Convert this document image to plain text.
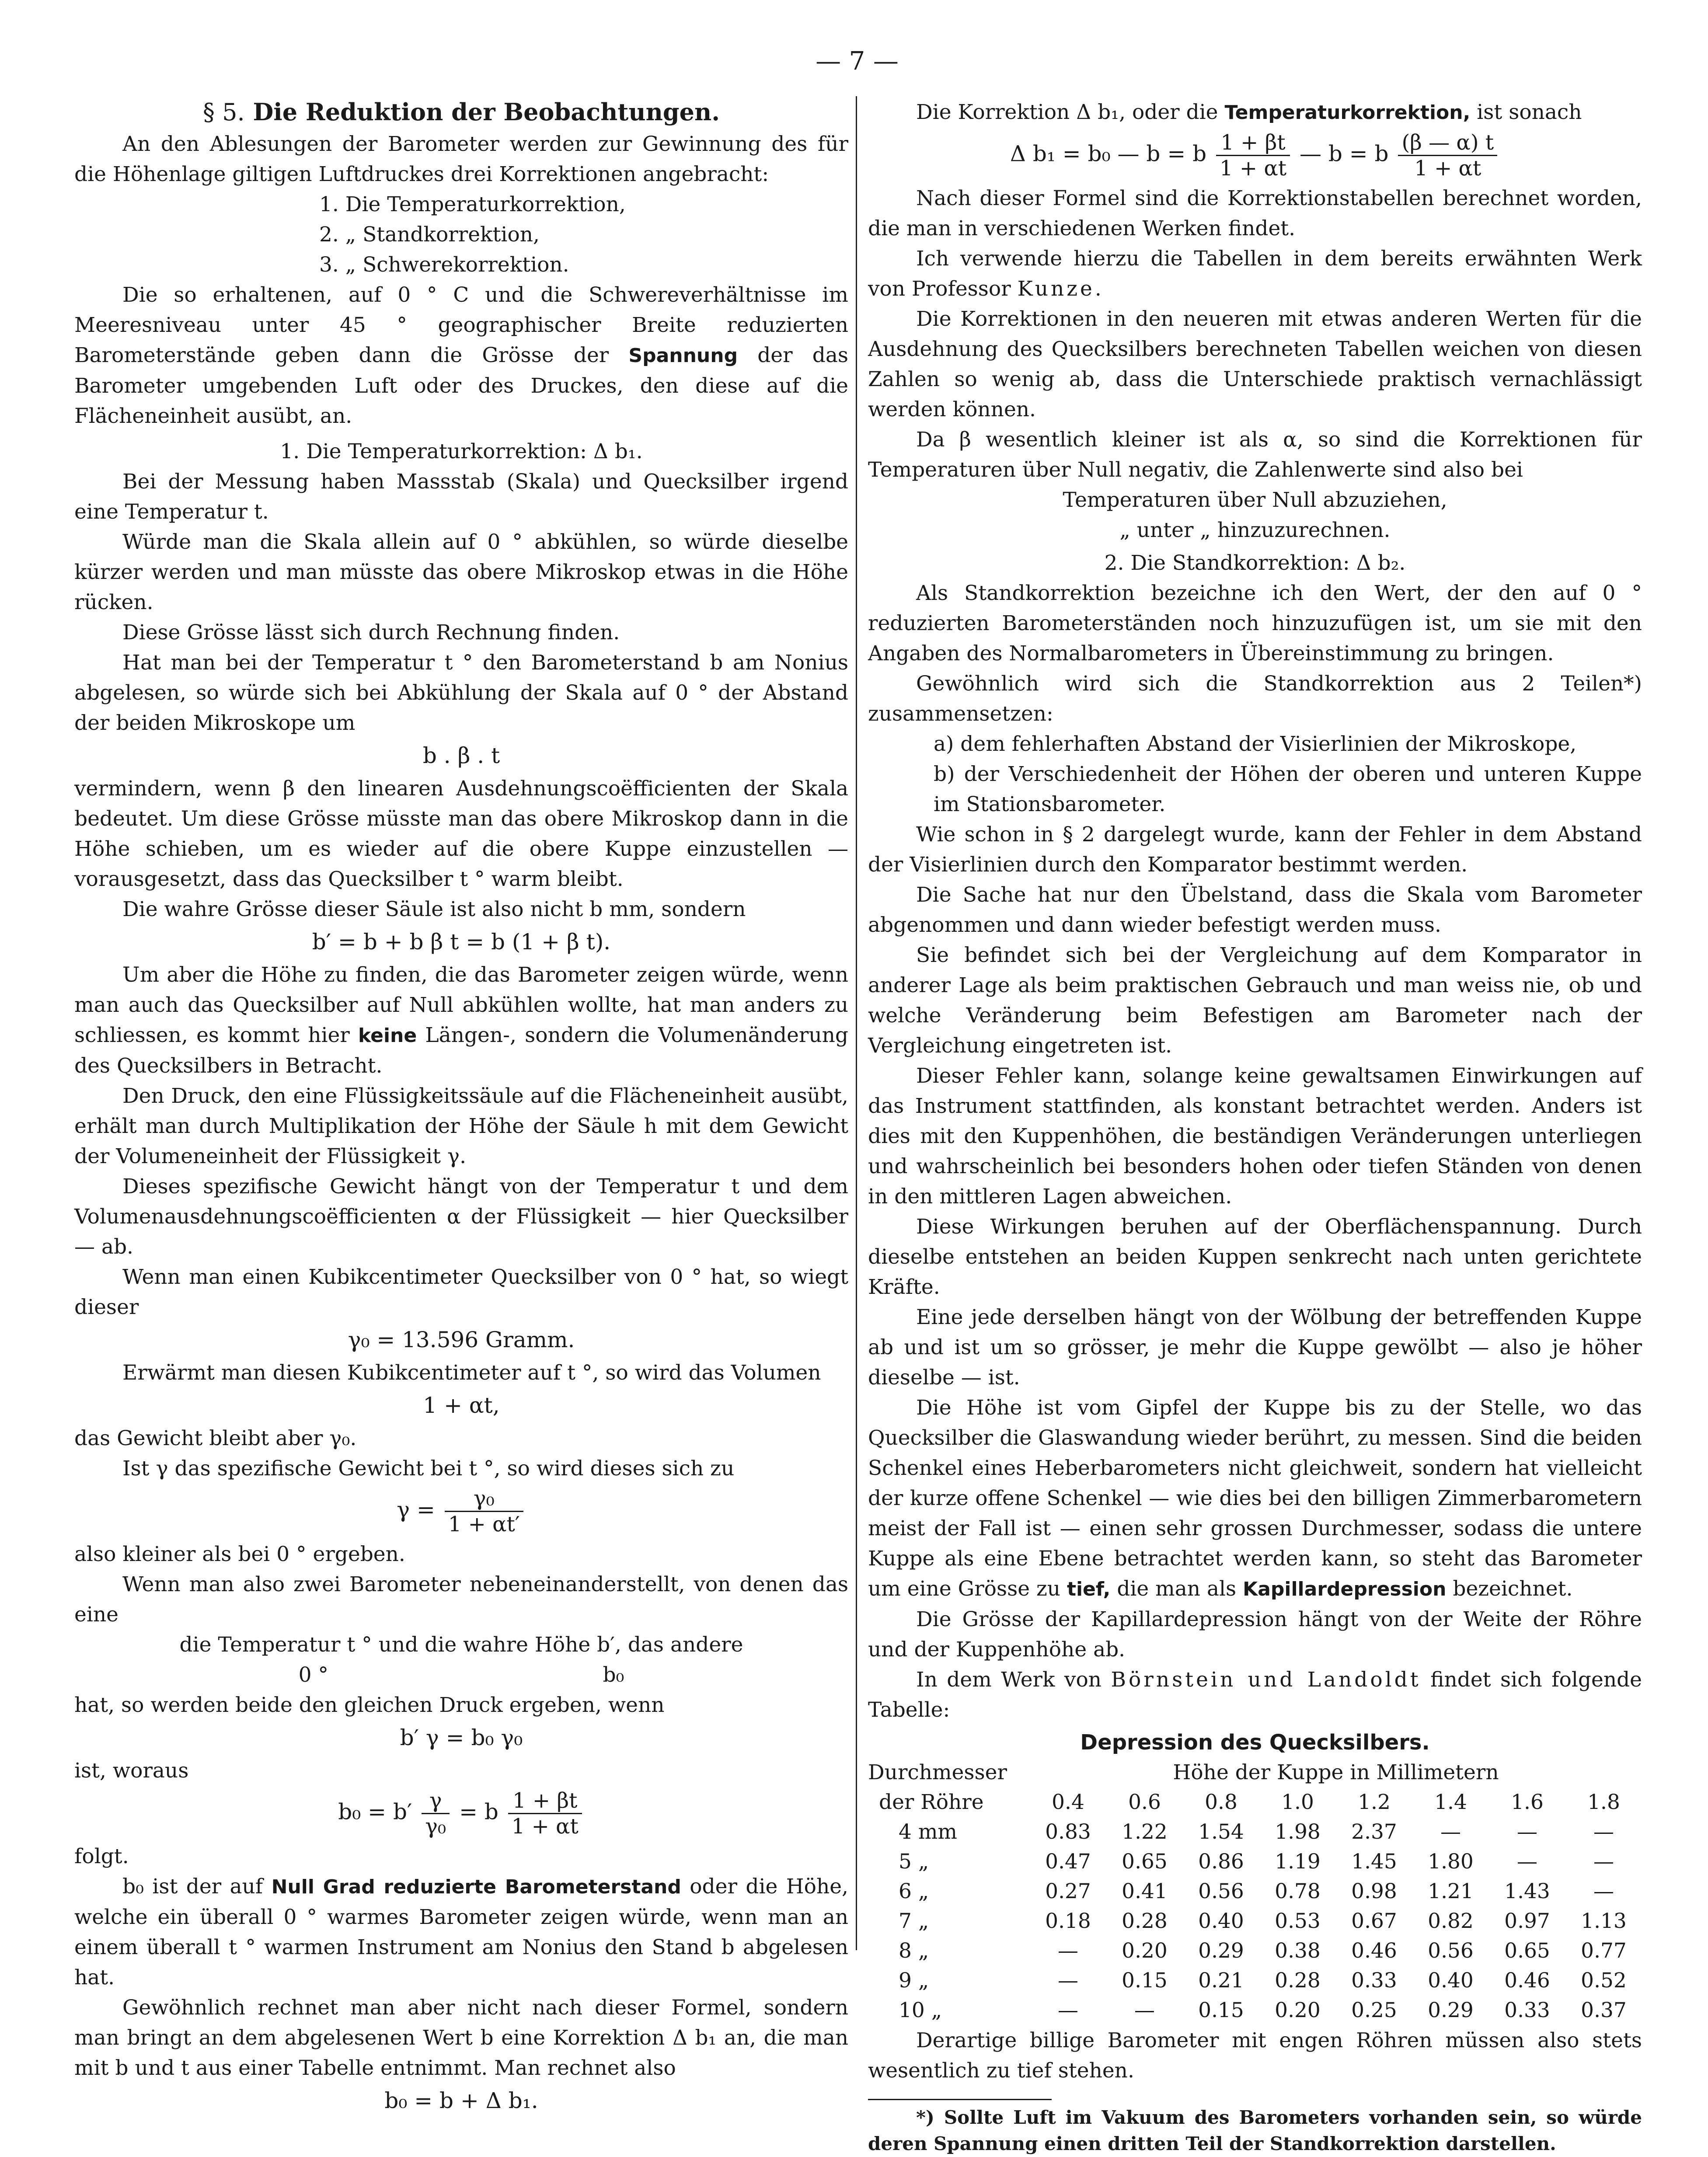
— 7 —
§ 5. Die Reduktion der Beobachtungen.

An den Ablesungen der Barometer werden zur Gewinnung des für die Höhenlage giltigen Luftdruckes drei Korrektionen angebracht:

1. Die Temperaturkorrektion,
2. „ Standkorrektion,
3. „ Schwerekorrektion.

Die so erhaltenen, auf 0 ° C und die Schwereverhältnisse im Meeresniveau unter 45 ° geographischer Breite reduzierten Barometerstände geben dann die Grösse der Spannung der das Barometer umgebenden Luft oder des Druckes, den diese auf die Flächeneinheit ausübt, an.

1. Die Temperaturkorrektion: Δ b₁.

Bei der Messung haben Massstab (Skala) und Quecksilber irgend eine Temperatur t.

Würde man die Skala allein auf 0 ° abkühlen, so würde dieselbe kürzer werden und man müsste das obere Mikroskop etwas in die Höhe rücken.

Diese Grösse lässt sich durch Rechnung finden.

Hat man bei der Temperatur t ° den Barometerstand b am Nonius abgelesen, so würde sich bei Abkühlung der Skala auf 0 ° der Abstand der beiden Mikroskope um

b . β . t

vermindern, wenn β den linearen Ausdehnungscoëfficienten der Skala bedeutet. Um diese Grösse müsste man das obere Mikroskop dann in die Höhe schieben, um es wieder auf die obere Kuppe einzustellen — vorausgesetzt, dass das Quecksilber t ° warm bleibt.

Die wahre Grösse dieser Säule ist also nicht b mm, sondern

b′ = b + b β t = b (1 + β t).

Um aber die Höhe zu finden, die das Barometer zeigen würde, wenn man auch das Quecksilber auf Null abkühlen wollte, hat man anders zu schliessen, es kommt hier keine Längen-, sondern die Volumenänderung des Quecksilbers in Betracht.

Den Druck, den eine Flüssigkeitssäule auf die Flächeneinheit ausübt, erhält man durch Multiplikation der Höhe der Säule h mit dem Gewicht der Volumeneinheit der Flüssigkeit γ.

Dieses spezifische Gewicht hängt von der Temperatur t und dem Volumenausdehnungscoëfficienten α der Flüssigkeit — hier Quecksilber — ab.

Wenn man einen Kubikcentimeter Quecksilber von 0 ° hat, so wiegt dieser

γ₀ = 13.596 Gramm.

Erwärmt man diesen Kubikcentimeter auf t °, so wird das Volumen

1 + αt,

das Gewicht bleibt aber γ₀.

Ist γ das spezifische Gewicht bei t °, so wird dieses sich zu

$\gamma = \frac{\text{γ₀}}{1 + \alpha t'}$

also kleiner als bei 0 ° ergeben.

Wenn man also zwei Barometer nebeneinanderstellt, von denen das eine

die Temperatur t ° und die wahre Höhe b′, das andere

0 °                                          b₀

hat, so werden beide den gleichen Druck ergeben, wenn

b′ γ = b₀ γ₀

ist, woraus

$b_0 = b' \frac{\gamma}{\text{γ₀}} = b \frac{1 + \beta t}{1 + \alpha t}$

folgt.

b₀ ist der auf Null Grad reduzierte Barometerstand oder die Höhe, welche ein überall 0 ° warmes Barometer zeigen würde, wenn man an einem überall t ° warmen Instrument am Nonius den Stand b abgelesen hat.

Gewöhnlich rechnet man aber nicht nach dieser Formel, sondern man bringt an dem abgelesenen Wert b eine Korrektion Δ b₁ an, die man mit b und t aus einer Tabelle entnimmt. Man rechnet also

b₀ = b + Δ b₁.

Die Korrektion Δ b₁, oder die Temperaturkorrektion, ist sonach

Δ b₁ = b₀ — b = b $\frac{1 + \beta t}{1 + \alpha t}$ — b = b $\frac{(\beta — \alpha) t}{1 + \alpha t}$

Nach dieser Formel sind die Korrektionstabellen berechnet worden, die man in verschiedenen Werken findet.

Ich verwende hierzu die Tabellen in dem bereits erwähnten Werk von Professor Kunze.

Die Korrektionen in den neueren mit etwas anderen Werten für die Ausdehnung des Quecksilbers berechneten Tabellen weichen von diesen Zahlen so wenig ab, dass die Unterschiede praktisch vernachlässigt werden können.

Da β wesentlich kleiner ist als α, so sind die Korrektionen für Temperaturen über Null negativ, die Zahlenwerte sind also bei

Temperaturen über Null abzuziehen,

„ unter „ hinzuzurechnen.

2. Die Standkorrektion: Δ b₂.

Als Standkorrektion bezeichne ich den Wert, der den auf 0 ° reduzierten Barometerständen noch hinzuzufügen ist, um sie mit den Angaben des Normalbarometers in Übereinstimmung zu bringen.

Gewöhnlich wird sich die Standkorrektion aus 2 Teilen*) zusammensetzen:

a) dem fehlerhaften Abstand der Visierlinien der Mikroskope,

b) der Verschiedenheit der Höhen der oberen und unteren Kuppe im Stationsbarometer.

Wie schon in § 2 dargelegt wurde, kann der Fehler in dem Abstand der Visierlinien durch den Komparator bestimmt werden.

Die Sache hat nur den Übelstand, dass die Skala vom Barometer abgenommen und dann wieder befestigt werden muss.

Sie befindet sich bei der Vergleichung auf dem Komparator in anderer Lage als beim praktischen Gebrauch und man weiss nie, ob und welche Veränderung beim Befestigen am Barometer nach der Vergleichung eingetreten ist.

Dieser Fehler kann, solange keine gewaltsamen Einwirkungen auf das Instrument stattfinden, als konstant betrachtet werden. Anders ist dies mit den Kuppenhöhen, die beständigen Veränderungen unterliegen und wahrscheinlich bei besonders hohen oder tiefen Ständen von denen in den mittleren Lagen abweichen.

Diese Wirkungen beruhen auf der Oberflächenspannung. Durch dieselbe entstehen an beiden Kuppen senkrecht nach unten gerichtete Kräfte.

Eine jede derselben hängt von der Wölbung der betreffenden Kuppe ab und ist um so grösser, je mehr die Kuppe gewölbt — also je höher dieselbe — ist.

Die Höhe ist vom Gipfel der Kuppe bis zu der Stelle, wo das Quecksilber die Glaswandung wieder berührt, zu messen. Sind die beiden Schenkel eines Heberbarometers nicht gleichweit, sondern hat vielleicht der kurze offene Schenkel — wie dies bei den billigen Zimmerbarometern meist der Fall ist — einen sehr grossen Durchmesser, sodass die untere Kuppe als eine Ebene betrachtet werden kann, so steht das Barometer um eine Grösse zu tief, die man als Kapillardepression bezeichnet.

Die Grösse der Kapillardepression hängt von der Weite der Röhre und der Kuppenhöhe ab.

In dem Werk von Börnstein und Landoldt findet sich folgende Tabelle:

Depression des Quecksilbers.
Durchmesser	Höhe der Kuppe in Millimetern							
der Röhre	0.4	0.6	0.8	1.0	1.2	1.4	1.6	1.8
4 mm	0.83	1.22	1.54	1.98	2.37	—	—	—
5 „	0.47	0.65	0.86	1.19	1.45	1.80	—	—
6 „	0.27	0.41	0.56	0.78	0.98	1.21	1.43	—
7 „	0.18	0.28	0.40	0.53	0.67	0.82	0.97	1.13
8 „	—	0.20	0.29	0.38	0.46	0.56	0.65	0.77
9 „	—	0.15	0.21	0.28	0.33	0.40	0.46	0.52
10 „	—	—	0.15	0.20	0.25	0.29	0.33	0.37

Derartige billige Barometer mit engen Röhren müssen also stets wesentlich zu tief stehen.

*) Sollte Luft im Vakuum des Barometers vorhanden sein, so würde deren Spannung einen dritten Teil der Standkorrektion darstellen.
